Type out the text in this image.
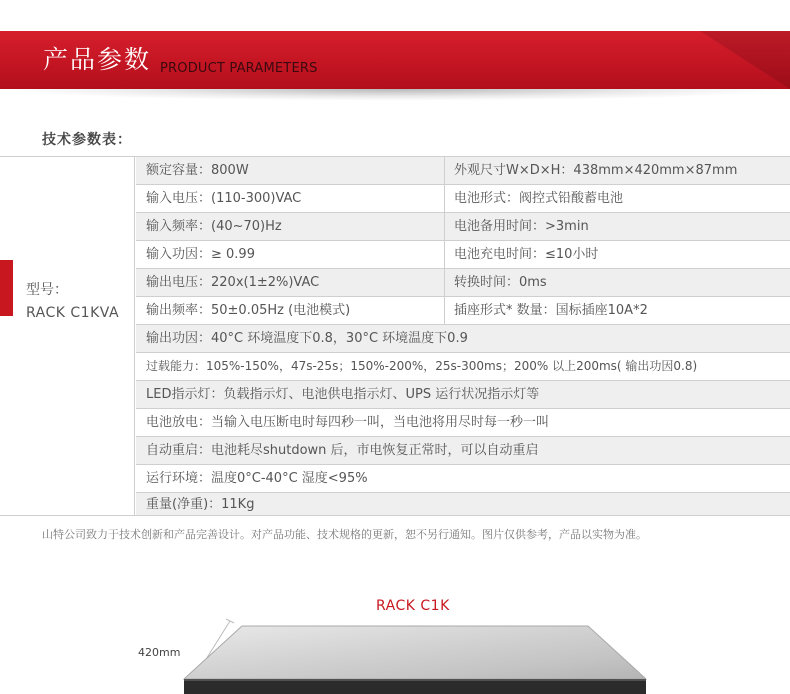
产品参数 PRODUCT PARAMETERS
技术参数表：
型号：
RACK C1KVA
额定容量：800W	外观尺寸W×D×H：438mm×420mm×87mm
输入电压：(110-300)VAC	电池形式：阀控式铅酸蓄电池
输入频率：(40~70)Hz	电池备用时间：>3min
输入功因：≥ 0.99	电池充电时间：≤10小时
输出电压：220x(1±2%)VAC	转换时间：0ms
输出频率：50±0.05Hz (电池模式)	插座形式* 数量：国标插座10A*2
输出功因：40°C 环境温度下0.8，30°C 环境温度下0.9
过载能力：105%-150%，47s-25s；150%-200%，25s-300ms；200% 以上200ms( 输出功因0.8)
LED指示灯：负载指示灯、电池供电指示灯、UPS 运行状况指示灯等
电池放电：当输入电压断电时每四秒一叫，当电池将用尽时每一秒一叫
自动重启：电池耗尽shutdown 后，市电恢复正常时，可以自动重启
运行环境：温度0°C-40°C 湿度<95%
重量(净重)：11Kg
山特公司致力于技术创新和产品完善设计。对产品功能、技术规格的更新，恕不另行通知。图片仅供参考，产品以实物为准。
RACK C1K
420mm
